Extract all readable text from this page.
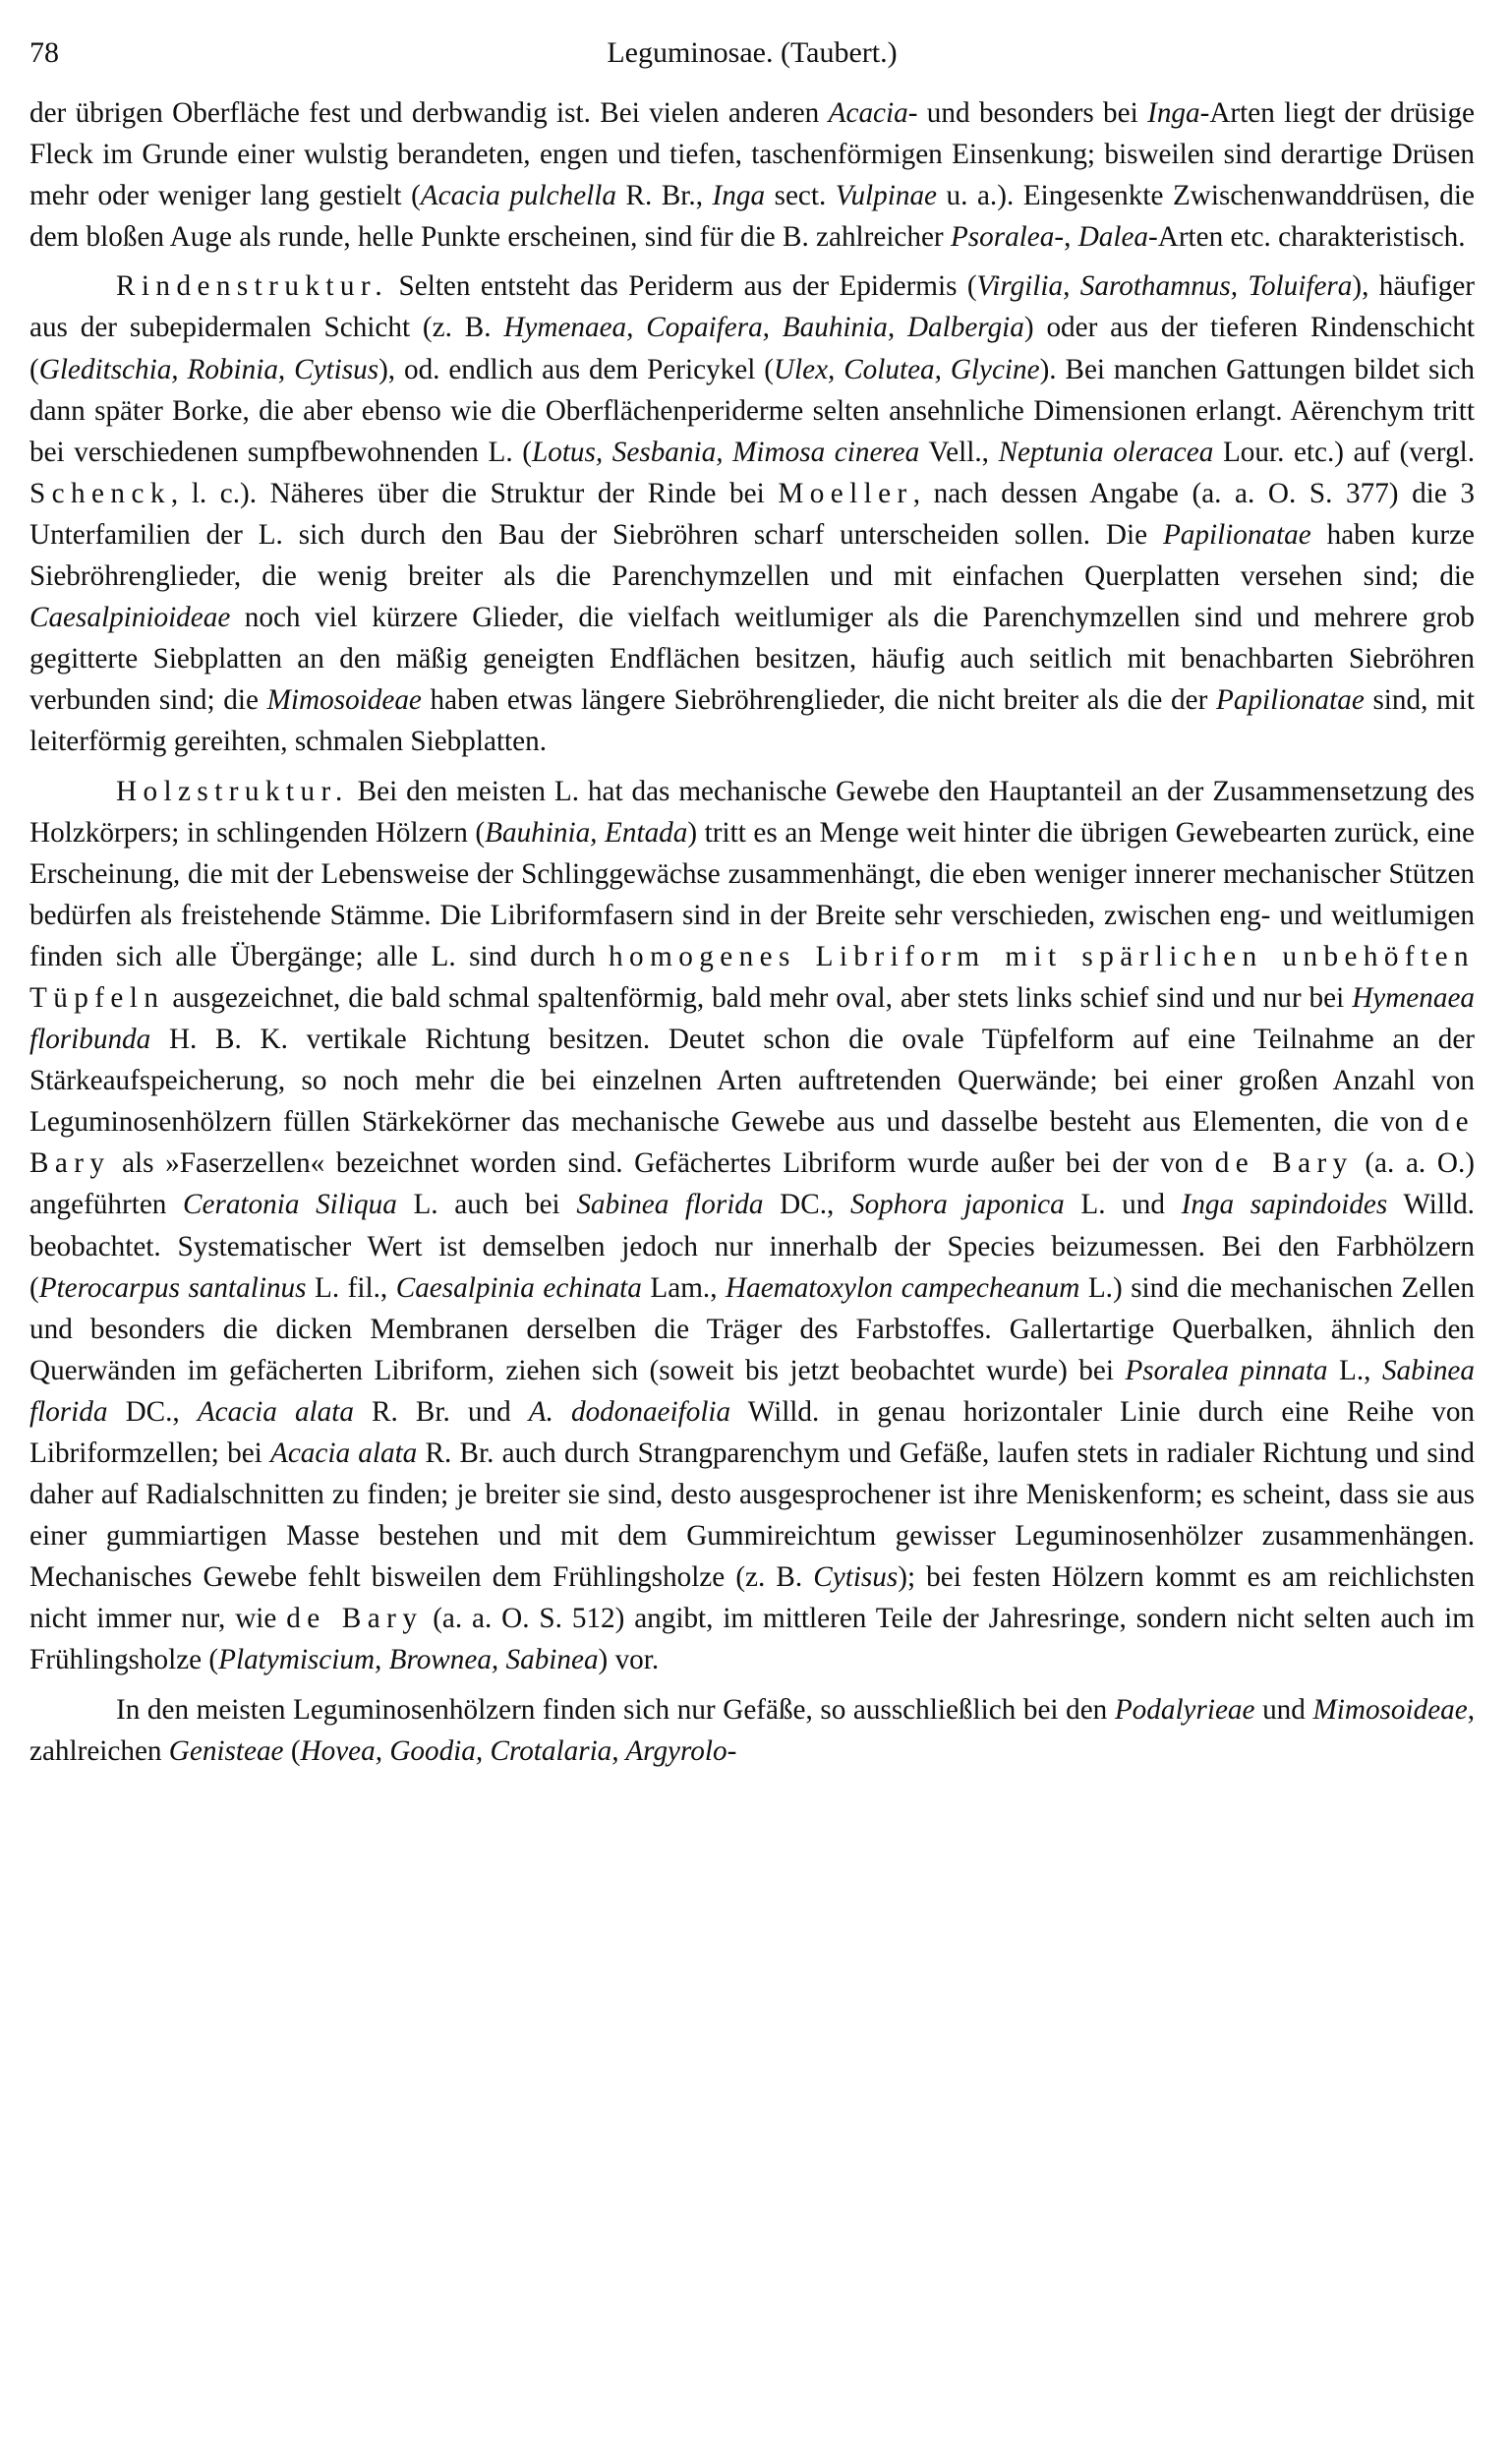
78	Leguminosae. (Taubert.)

der übrigen Oberfläche fest und derbwandig ist. Bei vielen anderen Acacia- und besonders bei Inga-Arten liegt der drüsige Fleck im Grunde einer wulstig berandeten, engen und tiefen, taschenförmigen Einsenkung; bisweilen sind derartige Drüsen mehr oder weniger lang gestielt (Acacia pulchella R. Br., Inga sect. Vulpinae u. a.). Eingesenkte Zwischenwanddrüsen, die dem bloßen Auge als runde, helle Punkte erscheinen, sind für die B. zahlreicher Psoralea-, Dalea-Arten etc. charakteristisch.

Rindenstruktur. Selten entsteht das Periderm aus der Epidermis (Virgilia, Sarothamnus, Toluifera), häufiger aus der subepidermalen Schicht (z. B. Hymenaea, Copaifera, Bauhinia, Dalbergia) oder aus der tieferen Rindenschicht (Gleditschia, Robinia, Cytisus), od. endlich aus dem Pericykel (Ulex, Colutea, Glycine). Bei manchen Gattungen bildet sich dann später Borke, die aber ebenso wie die Oberflächenperiderme selten ansehnliche Dimensionen erlangt. Aërenchym tritt bei verschiedenen sumpfbewohnenden L. (Lotus, Sesbania, Mimosa cinerea Vell., Neptunia oleracea Lour. etc.) auf (vergl. Schenck, l. c.). Näheres über die Struktur der Rinde bei Moeller, nach dessen Angabe (a. a. O. S. 377) die 3 Unterfamilien der L. sich durch den Bau der Siebröhren scharf unterscheiden sollen. Die Papilionatae haben kurze Siebröhrenglieder, die wenig breiter als die Parenchymzellen und mit einfachen Querplatten versehen sind; die Caesalpinioideae noch viel kürzere Glieder, die vielfach weitlumiger als die Parenchymzellen sind und mehrere grob gegitterte Siebplatten an den mäßig geneigten Endflächen besitzen, häufig auch seitlich mit benachbarten Siebröhren verbunden sind; die Mimosoideae haben etwas längere Siebröhrenglieder, die nicht breiter als die der Papilionatae sind, mit leiterförmig gereihten, schmalen Siebplatten.

Holzstruktur. Bei den meisten L. hat das mechanische Gewebe den Hauptanteil an der Zusammensetzung des Holzkörpers; in schlingenden Hölzern (Bauhinia, Entada) tritt es an Menge weit hinter die übrigen Gewebearten zurück, eine Erscheinung, die mit der Lebensweise der Schlinggewächse zusammenhängt, die eben weniger innerer mechanischer Stützen bedürfen als freistehende Stämme. Die Libriformfasern sind in der Breite sehr verschieden, zwischen eng- und weitlumigen finden sich alle Übergänge; alle L. sind durch homogenes Libriform mit spärlichen unbehöften Tüpfeln ausgezeichnet, die bald schmal spaltenförmig, bald mehr oval, aber stets links schief sind und nur bei Hymenaea floribunda H. B. K. vertikale Richtung besitzen. Deutet schon die ovale Tüpfelform auf eine Teilnahme an der Stärkeaufspeicherung, so noch mehr die bei einzelnen Arten auftretenden Querwände; bei einer großen Anzahl von Leguminosenhölzern füllen Stärkekörner das mechanische Gewebe aus und dasselbe besteht aus Elementen, die von de Bary als »Faserzellen« bezeichnet worden sind. Gefächertes Libriform wurde außer bei der von de Bary (a. a. O.) angeführten Ceratonia Siliqua L. auch bei Sabinea florida DC., Sophora japonica L. und Inga sapindoides Willd. beobachtet. Systematischer Wert ist demselben jedoch nur innerhalb der Species beizumessen. Bei den Farbhölzern (Pterocarpus santalinus L. fil., Caesalpinia echinata Lam., Haematoxylon campecheanum L.) sind die mechanischen Zellen und besonders die dicken Membranen derselben die Träger des Farbstoffes. Gallertartige Querbalken, ähnlich den Querwänden im gefächerten Libriform, ziehen sich (soweit bis jetzt beobachtet wurde) bei Psoralea pinnata L., Sabinea florida DC., Acacia alata R. Br. und A. dodonaeifolia Willd. in genau horizontaler Linie durch eine Reihe von Libriformzellen; bei Acacia alata R. Br. auch durch Strangparenchym und Gefäße, laufen stets in radialer Richtung und sind daher auf Radialschnitten zu finden; je breiter sie sind, desto ausgesprochener ist ihre Meniskenform; es scheint, dass sie aus einer gummiartigen Masse bestehen und mit dem Gummireichtum gewisser Leguminosenhölzer zusammenhängen. Mechanisches Gewebe fehlt bisweilen dem Frühlingsholze (z. B. Cytisus); bei festen Hölzern kommt es am reichlichsten nicht immer nur, wie de Bary (a. a. O. S. 512) angibt, im mittleren Teile der Jahresringe, sondern nicht selten auch im Frühlingsholze (Platymiscium, Brownea, Sabinea) vor.

In den meisten Leguminosenhölzern finden sich nur Gefäße, so ausschließlich bei den Podalyrieae und Mimosoideae, zahlreichen Genisteae (Hovea, Goodia, Crotalaria, Argyrolo-
